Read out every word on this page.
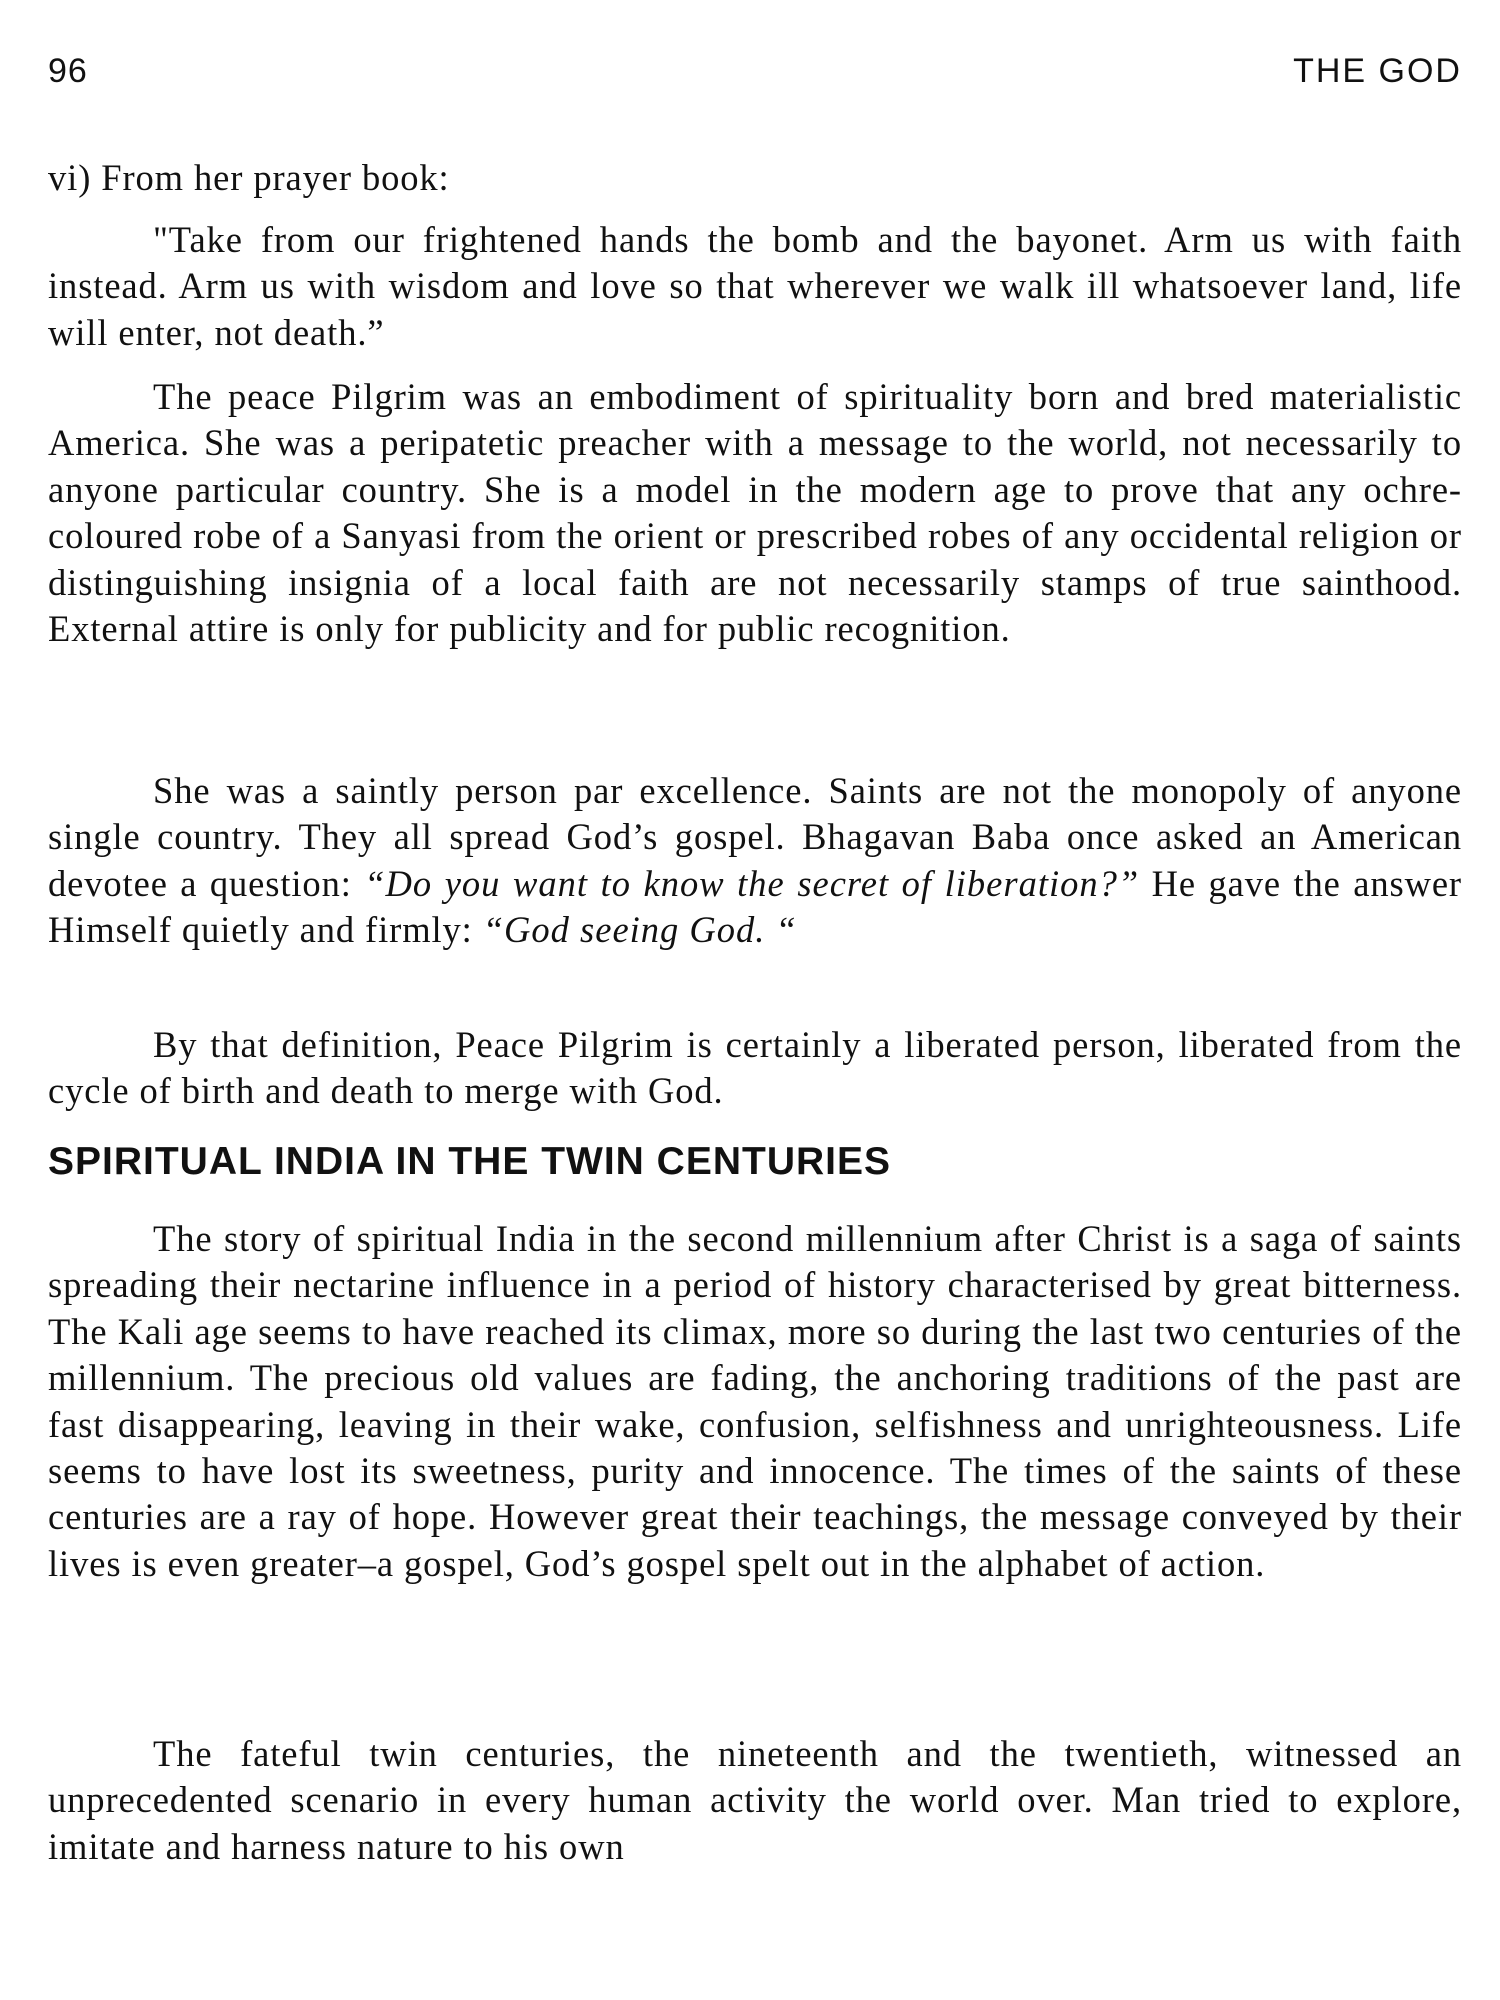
96	THE GOD

vi) From her prayer book:

"Take from our frightened hands the bomb and the bayonet. Arm us with faith instead. Arm us with wisdom and love so that wherever we walk ill whatsoever land, life will enter, not death.”

The peace Pilgrim was an embodiment of spirituality born and bred materialistic America. She was a peripatetic preacher with a message to the world, not necessarily to anyone particular country. She is a model in the modern age to prove that any ochre-coloured robe of a Sanyasi from the orient or prescribed robes of any occidental religion or distinguishing insignia of a local faith are not necessarily stamps of true sainthood. External attire is only for publicity and for public recognition.

She was a saintly person par excellence. Saints are not the monopoly of anyone single country. They all spread God’s gospel. Bhagavan Baba once asked an American devotee a question: “Do you want to know the secret of liberation?” He gave the answer Himself quietly and firmly: “God seeing God. “

By that definition, Peace Pilgrim is certainly a liberated person, liberated from the cycle of birth and death to merge with God.

SPIRITUAL INDIA IN THE TWIN CENTURIES

The story of spiritual India in the second millennium after Christ is a saga of saints spreading their nectarine influence in a period of history characterised by great bitterness. The Kali age seems to have reached its climax, more so during the last two centuries of the millennium. The precious old values are fading, the anchoring traditions of the past are fast disappearing, leaving in their wake, confusion, selfishness and unrighteousness. Life seems to have lost its sweetness, purity and innocence. The times of the saints of these centuries are a ray of hope. However great their teachings, the message conveyed by their lives is even greater–a gospel, God’s gospel spelt out in the alphabet of action.

The fateful twin centuries, the nineteenth and the twentieth, witnessed an unprecedented scenario in every human activity the world over. Man tried to explore, imitate and harness nature to his own
